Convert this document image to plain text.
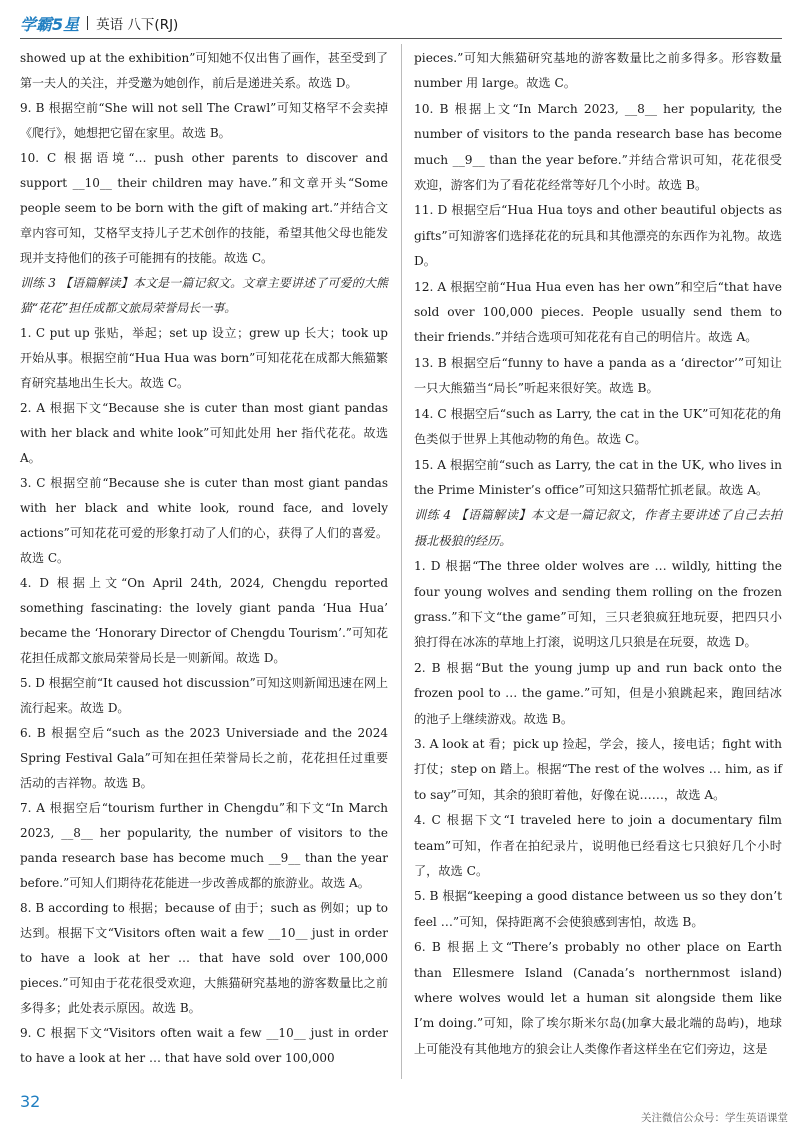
学霸5星 英语 八下(RJ)

showed up at the exhibition”可知她不仅出售了画作，甚至受到了第一夫人的关注，并受邀为她创作，前后是递进关系。故选 D。

9. B 根据空前“She will not sell The Crawl”可知艾格罕不会卖掉《爬行》，她想把它留在家里。故选 B。

10. C 根据语境“… push other parents to discover and support __10__ their children may have.”和文章开头“Some people seem to be born with the gift of making art.”并结合文章内容可知，艾格罕支持儿子艺术创作的技能，希望其他父母也能发现并支持他们的孩子可能拥有的技能。故选 C。

训练 3 【语篇解读】本文是一篇记叙文。文章主要讲述了可爱的大熊猫“花花”担任成都文旅局荣誉局长一事。

1. C put up 张贴，举起；set up 设立；grew up 长大；took up 开始从事。根据空前“Hua Hua was born”可知花花在成都大熊猫繁育研究基地出生长大。故选 C。

2. A 根据下文“Because she is cuter than most giant pandas with her black and white look”可知此处用 her 指代花花。故选 A。

3. C 根据空前“Because she is cuter than most giant pandas with her black and white look, round face, and lovely actions”可知花花可爱的形象打动了人们的心，获得了人们的喜爱。故选 C。

4. D 根据上文“On April 24th, 2024, Chengdu reported something fascinating: the lovely giant panda ‘Hua Hua’ became the ‘Honorary Director of Chengdu Tourism’.”可知花花担任成都文旅局荣誉局长是一则新闻。故选 D。

5. D 根据空前“It caused hot discussion”可知这则新闻迅速在网上流行起来。故选 D。

6. B 根据空后“such as the 2023 Universiade and the 2024 Spring Festival Gala”可知在担任荣誉局长之前，花花担任过重要活动的吉祥物。故选 B。

7. A 根据空后“tourism further in Chengdu”和下文“In March 2023, __8__ her popularity, the number of visitors to the panda research base has become much __9__ than the year before.”可知人们期待花花能进一步改善成都的旅游业。故选 A。

8. B according to 根据；because of 由于；such as 例如；up to 达到。根据下文“Visitors often wait a few __10__ just in order to have a look at her … that have sold over 100,000 pieces.”可知由于花花很受欢迎，大熊猫研究基地的游客数量比之前多得多；此处表示原因。故选 B。

9. C 根据下文“Visitors often wait a few __10__ just in order to have a look at her … that have sold over 100,000

pieces.”可知大熊猫研究基地的游客数量比之前多得多。形容数量 number 用 large。故选 C。

10. B 根据上文“In March 2023, __8__ her popularity, the number of visitors to the panda research base has become much __9__ than the year before.”并结合常识可知，花花很受欢迎，游客们为了看花花经常等好几个小时。故选 B。

11. D 根据空后“Hua Hua toys and other beautiful objects as gifts”可知游客们选择花花的玩具和其他漂亮的东西作为礼物。故选 D。

12. A 根据空前“Hua Hua even has her own”和空后“that have sold over 100,000 pieces. People usually send them to their friends.”并结合选项可知花花有自己的明信片。故选 A。

13. B 根据空后“funny to have a panda as a ‘director’”可知让一只大熊猫当“局长”听起来很好笑。故选 B。

14. C 根据空后“such as Larry, the cat in the UK”可知花花的角色类似于世界上其他动物的角色。故选 C。

15. A 根据空前“such as Larry, the cat in the UK, who lives in the Prime Minister’s office”可知这只猫帮忙抓老鼠。故选 A。

训练 4 【语篇解读】本文是一篇记叙文，作者主要讲述了自己去拍摄北极狼的经历。

1. D 根据“The three older wolves are … wildly, hitting the four young wolves and sending them rolling on the frozen grass.”和下文“the game”可知，三只老狼疯狂地玩耍，把四只小狼打得在冰冻的草地上打滚，说明这几只狼是在玩耍，故选 D。

2. B 根据“But the young jump up and run back onto the frozen pool to … the game.”可知，但是小狼跳起来，跑回结冰的池子上继续游戏。故选 B。

3. A look at 看；pick up 捡起，学会，接人，接电话；fight with 打仗；step on 踏上。根据“The rest of the wolves … him, as if to say”可知，其余的狼盯着他，好像在说……，故选 A。

4. C 根据下文“I traveled here to join a documentary film team”可知，作者在拍纪录片，说明他已经看这七只狼好几个小时了，故选 C。

5. B 根据“keeping a good distance between us so they don’t feel …”可知，保持距离不会使狼感到害怕，故选 B。

6. B 根据上文“There’s probably no other place on Earth than Ellesmere Island (Canada’s northernmost island) where wolves would let a human sit alongside them like I’m doing.”可知，除了埃尔斯米尔岛(加拿大最北端的岛屿)，地球上可能没有其他地方的狼会让人类像作者这样坐在它们旁边，这是

32
关注微信公众号：学生英语课堂
